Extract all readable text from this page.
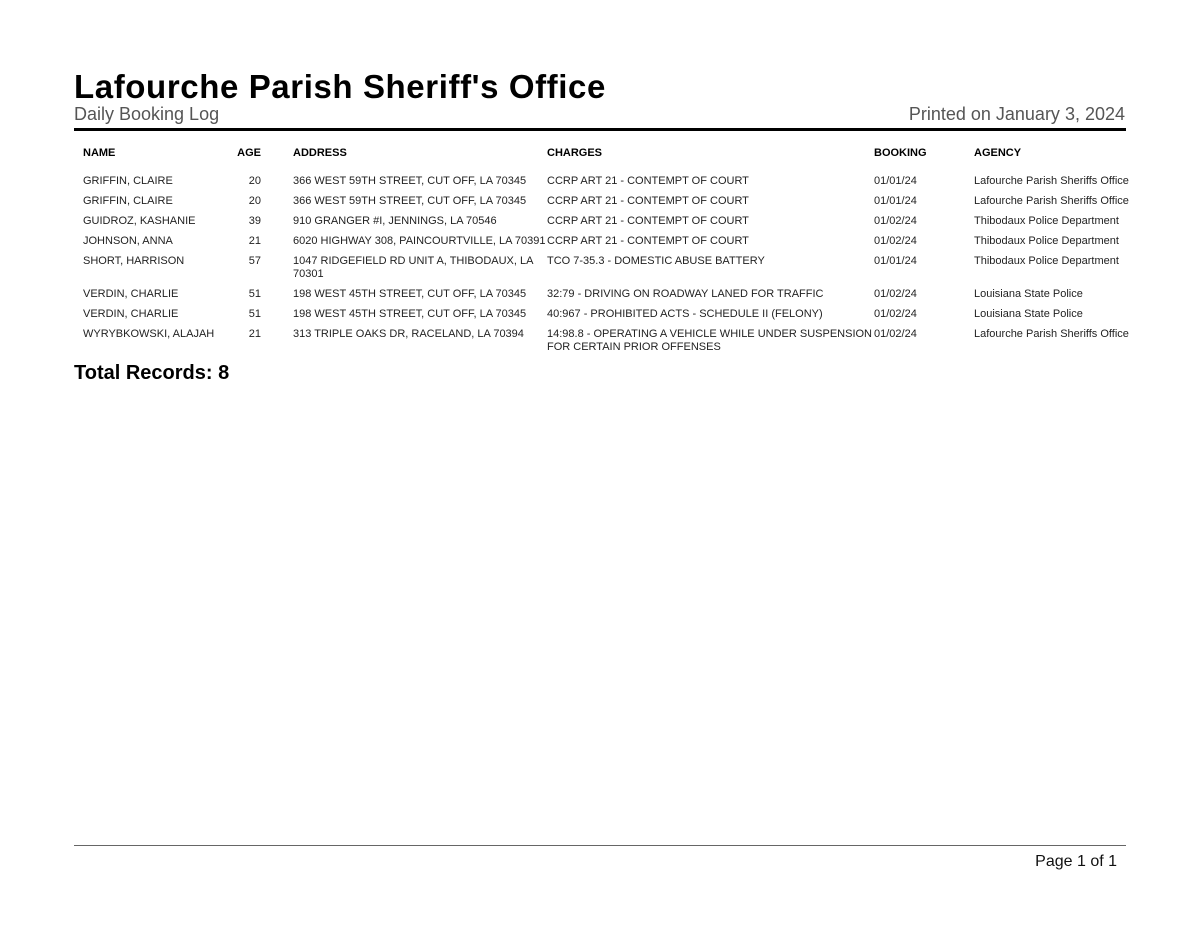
Lafourche Parish Sheriff's Office
Daily Booking Log	Printed on January 3, 2024
NAME	AGE	ADDRESS	CHARGES	BOOKING	AGENCY
GRIFFIN, CLAIRE	20	366 WEST 59TH STREET, CUT OFF, LA 70345	CCRP ART 21 - CONTEMPT OF COURT	01/01/24	Lafourche Parish Sheriffs Office
GRIFFIN, CLAIRE	20	366 WEST 59TH STREET, CUT OFF, LA 70345	CCRP ART 21 - CONTEMPT OF COURT	01/01/24	Lafourche Parish Sheriffs Office
GUIDROZ, KASHANIE	39	910 GRANGER #I, JENNINGS, LA 70546	CCRP ART 21 - CONTEMPT OF COURT	01/02/24	Thibodaux Police Department
JOHNSON, ANNA	21	6020 HIGHWAY 308, PAINCOURTVILLE, LA 70391	CCRP ART 21 - CONTEMPT OF COURT	01/02/24	Thibodaux Police Department
SHORT, HARRISON	57	1047 RIDGEFIELD RD UNIT A, THIBODAUX, LA 70301	TCO 7-35.3 - DOMESTIC ABUSE BATTERY	01/01/24	Thibodaux Police Department
VERDIN, CHARLIE	51	198 WEST 45TH STREET, CUT OFF, LA 70345	32:79 - DRIVING ON ROADWAY LANED FOR TRAFFIC	01/02/24	Louisiana State Police
VERDIN, CHARLIE	51	198 WEST 45TH STREET, CUT OFF, LA 70345	40:967 - PROHIBITED ACTS - SCHEDULE II (FELONY)	01/02/24	Louisiana State Police
WYRYBKOWSKI, ALAJAH	21	313 TRIPLE OAKS DR, RACELAND, LA 70394	14:98.8 - OPERATING A VEHICLE WHILE UNDER SUSPENSION FOR CERTAIN PRIOR OFFENSES	01/02/24	Lafourche Parish Sheriffs Office
Total Records: 8
Page 1 of 1
